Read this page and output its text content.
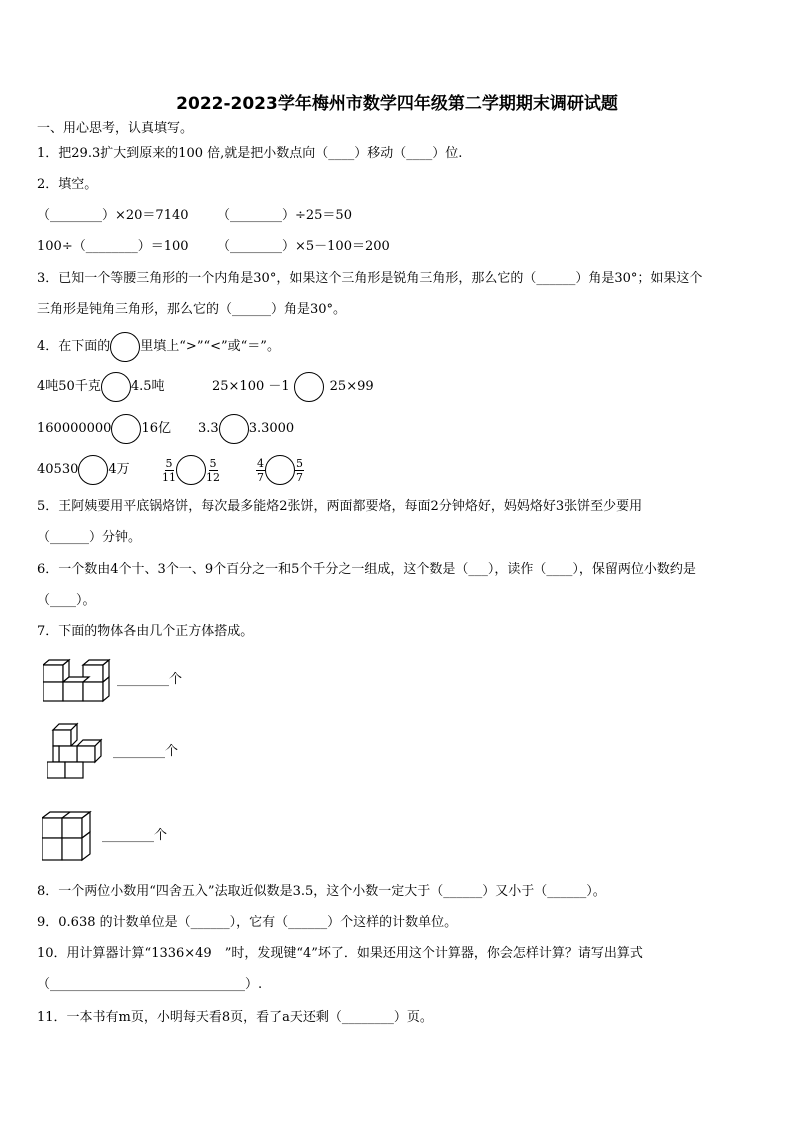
2022-2023学年梅州市数学四年级第二学期期末调研试题
一、用心思考，认真填写。
1．把29.3扩大到原来的100 倍,就是把小数点向（____）移动（____）位.
2．填空。
（________）×20＝7140 （________）÷25＝50
100÷（________）＝100 （________）×5－100＝200
3．已知一个等腰三角形的一个内角是30°，如果这个三角形是锐角三角形，那么它的（______）角是30°；如果这个
三角形是钝角三角形，那么它的（______）角是30°。
4．在下面的 里填上“>”“<”或“＝”。
4吨50千克 4.5吨	25×100 －1	25×99
160000000 16亿 3.3 3.3000
40530 4万	$\frac{5}{11}$	$\frac{5}{12}$	$\frac{4}{7}$	$\frac{5}{7}$
5．王阿姨要用平底锅烙饼，每次最多能烙2张饼，两面都要烙，每面2分钟烙好，妈妈烙好3张饼至少要用
（______）分钟。
6．一个数由4个十、3个一、9个百分之一和5个千分之一组成，这个数是（___），读作（____），保留两位小数约是
（____）。
7．下面的物体各由几个正方体搭成。
________个
________个
________个
8．一个两位小数用“四舍五入”法取近似数是3.5，这个小数一定大于（______）又小于（______）。
9．0.638 的计数单位是（______），它有（______）个这样的计数单位。
10．用计算器计算“1336×49　”时，发现键“4”坏了．如果还用这个计算器，你会怎样计算？请写出算式
（______________________________）.
11．一本书有m页，小明每天看8页，看了a天还剩（________）页。
